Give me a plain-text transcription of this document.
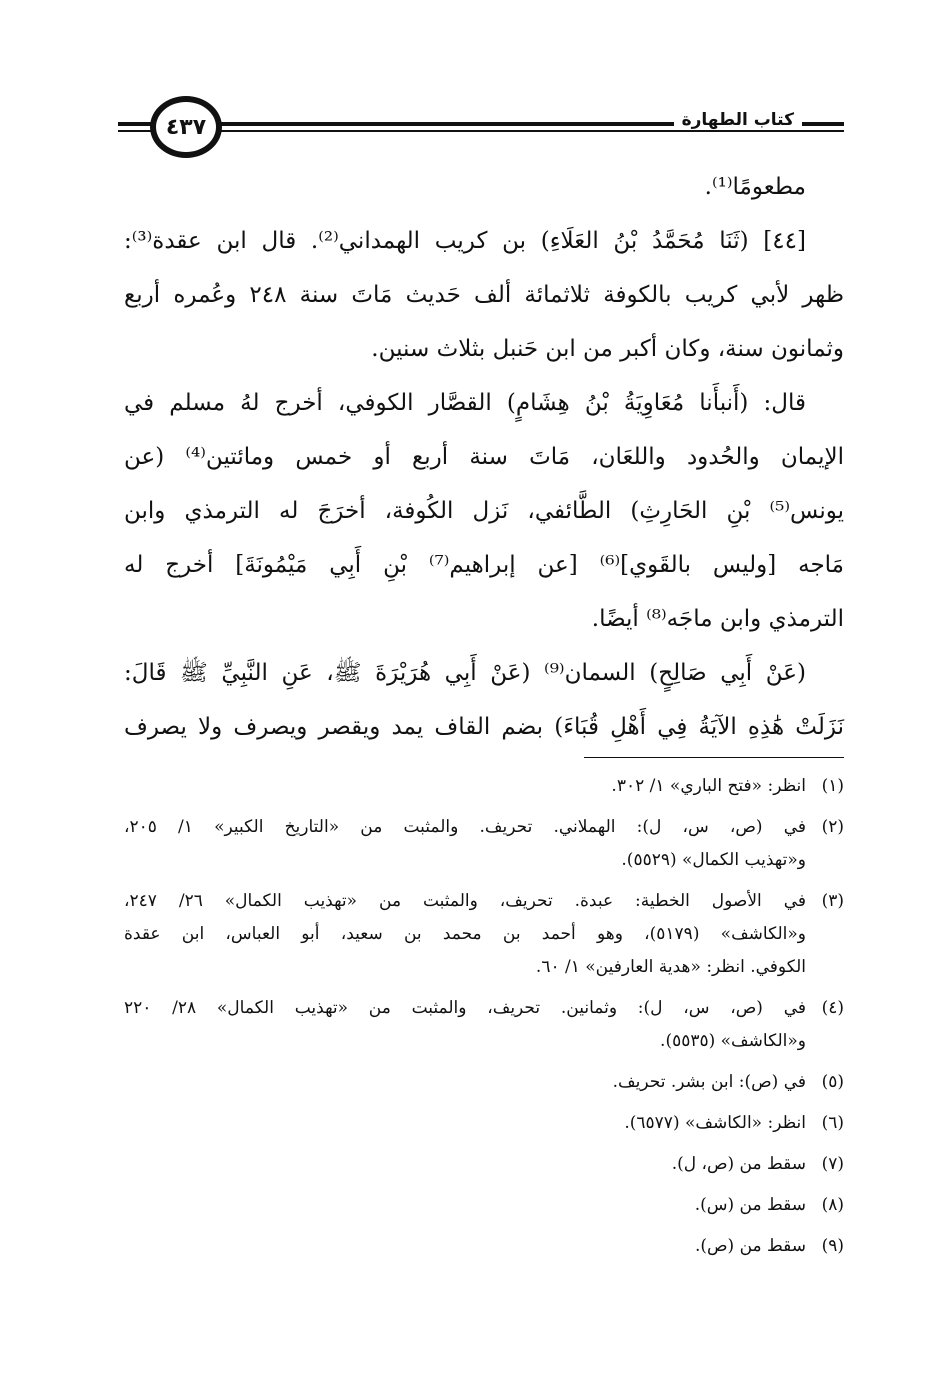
كتاب الطهارة
٤٣٧
مطعومًا⁽¹⁾.
[٤٤] (ثَنَا مُحَمَّدُ بْنُ العَلَاءِ) بن كريب الهمداني⁽²⁾. قال ابن عقدة⁽³⁾:
ظهر لأبي كريب بالكوفة ثلاثمائة ألف حَديث مَاتَ سنة ٢٤٨ وعُمره أربع
وثمانون سنة، وكان أكبر من ابن حَنبل بثلاث سنين.
قال: (أَنبأَنا مُعَاوِيَةُ بْنُ هِشَامٍ) القصَّار الكوفي، أخرج لهُ مسلم في
الإيمان والحُدود واللعَان، مَاتَ سنة أربع أو خمس ومائتين⁽⁴⁾ (عن
يونس⁽⁵⁾ بْنِ الحَارِثِ) الطَّائفي، نَزل الكُوفة، أخرَجَ له الترمذي وابن
مَاجه [وليس بالقَوي]⁽⁶⁾ [عن إبراهيم⁽⁷⁾ بْنِ أَبِي مَيْمُونَةَ] أخرج له
الترمذي وابن ماجَه⁽⁸⁾ أيضًا.
(عَنْ أَبِي صَالِحٍ) السمان⁽⁹⁾ (عَنْ أَبِي هُرَيْرَةَ ﷺ، عَنِ النَّبِيِّ ﷺ قَالَ:
نَزَلَتْ هَٰذِهِ الآيَةُ فِي أَهْلِ قُبَاءَ) بضم القاف يمد ويقصر ويصرف ولا يصرف
(١)
انظر: «فتح الباري» ١/ ٣٠٢.
(٢)
في (ص، س، ل): الهملاني. تحريف. والمثبت من «التاريخ الكبير» ١/ ٢٠٥،
و«تهذيب الكمال» (٥٥٢٩).
(٣)
في الأصول الخطية: عبدة. تحريف، والمثبت من «تهذيب الكمال» ٢٦/ ٢٤٧،
و«الكاشف» (٥١٧٩)، وهو أحمد بن محمد بن سعيد، أبو العباس، ابن عقدة
الكوفي. انظر: «هدية العارفين» ١/ ٦٠.
(٤)
في (ص، س، ل): وثمانين. تحريف، والمثبت من «تهذيب الكمال» ٢٨/ ٢٢٠
و«الكاشف» (٥٥٣٥).
(٥)
في (ص): ابن بشر. تحريف.
(٦)
انظر: «الكاشف» (٦٥٧٧).
(٧)
سقط من (ص، ل).
(٨)
سقط من (س).
(٩)
سقط من (ص).
